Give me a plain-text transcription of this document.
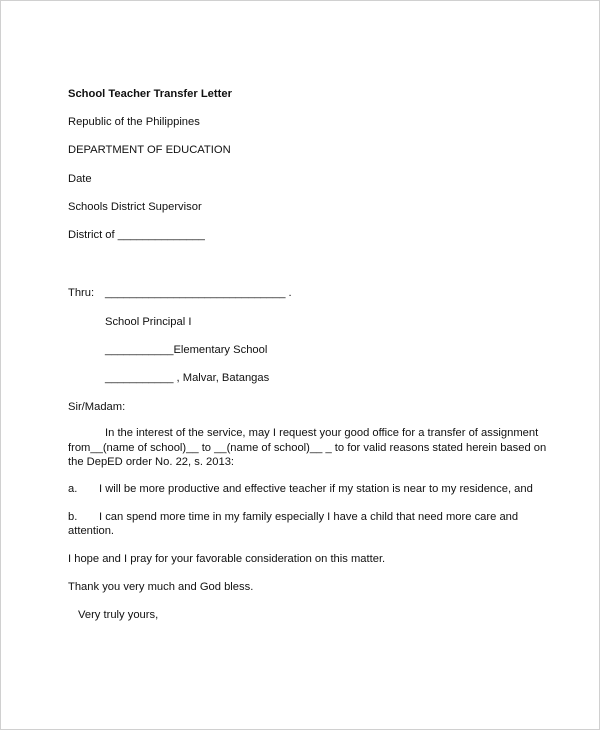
School Teacher Transfer Letter
Republic of the Philippines
DEPARTMENT OF EDUCATION
Date
Schools District Supervisor
District of ______________
Thru: _____________________________ .
School Principal I
___________Elementary School
___________ , Malvar, Batangas
Sir/Madam:
In the interest of the service, may I request your good office for a transfer of assignment
from__(name of school)__ to __(name of school)__ _ to for valid reasons stated herein based on
the DepED order No. 22, s. 2013:
a. I will be more productive and effective teacher if my station is near to my residence, and
b. I can spend more time in my family especially I have a child that need more care and
attention.
I hope and I pray for your favorable consideration on this matter.
Thank you very much and God bless.
Very truly yours,
